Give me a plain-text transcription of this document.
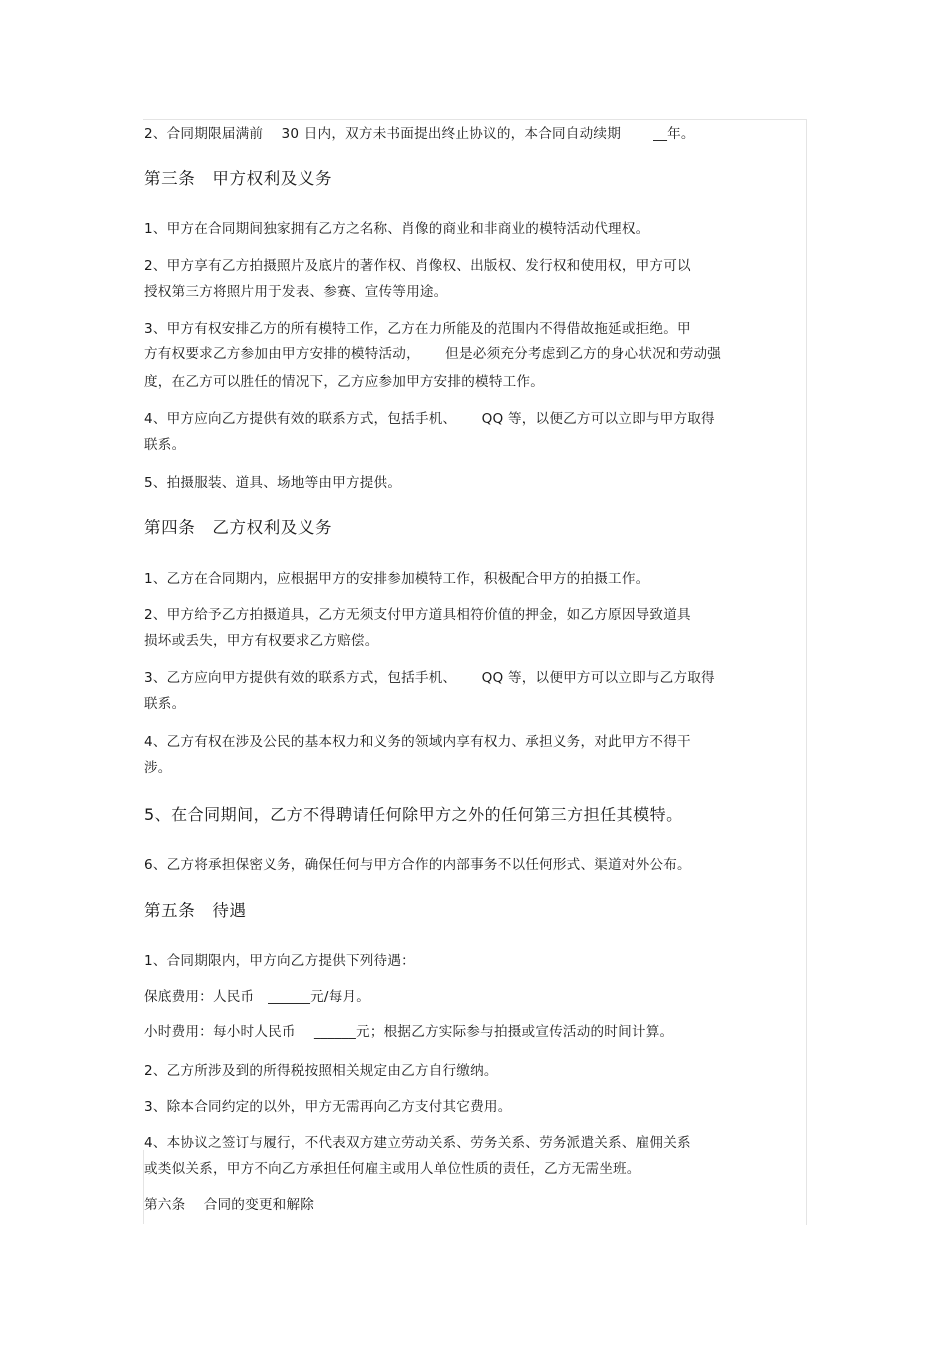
2、合同期限届满前　 30 日内，双方未书面提出终止协议的，本合同自动续期　　 __年。
第三条　甲方权利及义务
1、甲方在合同期间独家拥有乙方之名称、肖像的商业和非商业的模特活动代理权。
2、甲方享有乙方拍摄照片及底片的著作权、肖像权、出版权、发行权和使用权，甲方可以
授权第三方将照片用于发表、参赛、宣传等用途。
3、甲方有权安排乙方的所有模特工作，乙方在力所能及的范围内不得借故拖延或拒绝。甲
方有权要求乙方参加由甲方安排的模特活动，　　 但是必须充分考虑到乙方的身心状况和劳动强
度，在乙方可以胜任的情况下，乙方应参加甲方安排的模特工作。
4、甲方应向乙方提供有效的联系方式，包括手机、　　 QQ 等，以便乙方可以立即与甲方取得
联系。
5、拍摄服装、道具、场地等由甲方提供。
第四条　乙方权利及义务
1、乙方在合同期内，应根据甲方的安排参加模特工作，积极配合甲方的拍摄工作。
2、甲方给予乙方拍摄道具，乙方无须支付甲方道具相符价值的押金，如乙方原因导致道具
损坏或丢失，甲方有权要求乙方赔偿。
3、乙方应向甲方提供有效的联系方式，包括手机、　　 QQ 等，以便甲方可以立即与乙方取得
联系。
4、乙方有权在涉及公民的基本权力和义务的领域内享有权力、承担义务，对此甲方不得干
涉。
5、在合同期间，乙方不得聘请任何除甲方之外的任何第三方担任其模特。
6、乙方将承担保密义务，确保任何与甲方合作的内部事务不以任何形式、渠道对外公布。
第五条　待遇
1、合同期限内，甲方向乙方提供下列待遇：
保底费用：人民币　______元/每月。
小时费用：每小时人民币　 ______元；根据乙方实际参与拍摄或宣传活动的时间计算。
2、乙方所涉及到的所得税按照相关规定由乙方自行缴纳。
3、除本合同约定的以外，甲方无需再向乙方支付其它费用。
4、本协议之签订与履行，不代表双方建立劳动关系、劳务关系、劳务派遣关系、雇佣关系
或类似关系，甲方不向乙方承担任何雇主或用人单位性质的责任，乙方无需坐班。
第六条　 合同的变更和解除
